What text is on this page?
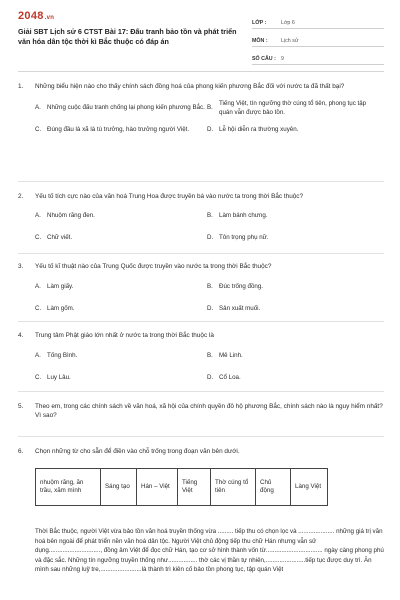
2048.vn
Giải SBT Lịch sử 6 CTST Bài 17: Đấu tranh bảo tồn và phát triển văn hóa dân tộc thời kì Bắc thuộc có đáp án
LỚP :	Lớp 6
MÔN :	Lịch sử
SỐ CÂU : 9
1.	Những biểu hiện nào cho thấy chính sách đồng hoá của phong kiến phương Bắc đối với nước ta đã thất bại?
A. Những cuộc đấu tranh chống lại phong kiến phương Bắc. B.
Tiếng Việt, tín ngưỡng thờ cúng tổ tiên, phong tục tập quán vẫn được bảo tồn.
C. Đúng đầu là xã là tù trưởng, hào trưởng người Việt.	D. Lễ hội diễn ra thường xuyên.
2.	Yếu tố tích cực nào của văn hoá Trung Hoa được truyền bá vào nước ta trong thời Bắc thuộc?
A. Nhuộm răng đen.	B. Làm bánh chưng.
C. Chữ viết.	D. Tôn trọng phụ nữ.
3.	Yếu tố kĩ thuật nào của Trung Quốc được truyền vào nước ta trong thời Bắc thuộc?
A. Làm giấy.	B. Đúc trống đồng.
C. Làm gốm.	D. Sản xuất muối.
4.	Trung tâm Phật giáo lớn nhất ở nước ta trong thời Bắc thuộc là
A. Tống Bình.	B. Mê Linh.
C. Luy Lâu.	D. Cổ Loa.
5.	Theo em, trong các chính sách về văn hoá, xã hội của chính quyền đô hộ phương Bắc, chính sách nào là nguy hiểm nhất? Vì sao?
6.	Chọn những từ cho sẵn để điền vào chỗ trống trong đoạn văn bên dưới.
nhuộm răng, ăn trầu, xăm mình	Sáng tạo	Hán – Việt	Tiếng Việt	Thờ cúng tổ tiên	Chủ động	Làng Việt
Thời Bắc thuộc, người Việt vừa bảo tồn văn hoá truyền thống vừa ......... tiếp thu có chọn lọc và ..................... những giá trị văn hoá bên ngoài để phát triển nền văn hoá dân tộc. Người Việt chủ động tiếp thu chữ Hán nhưng vẫn sử dụng.............................., đồng âm Việt để đọc chữ Hán, tạo cơ sở hình thành vốn từ................................. ngày càng phong phú và đặc sắc. Những tín ngưỡng truyền thống như................. thờ các vị thần tự nhiên,.......................tiếp tục được duy trì. Ăn mình sau những luỹ tre,........................là thành trì kiên cố bảo tồn phong tục, tập quán Việt
